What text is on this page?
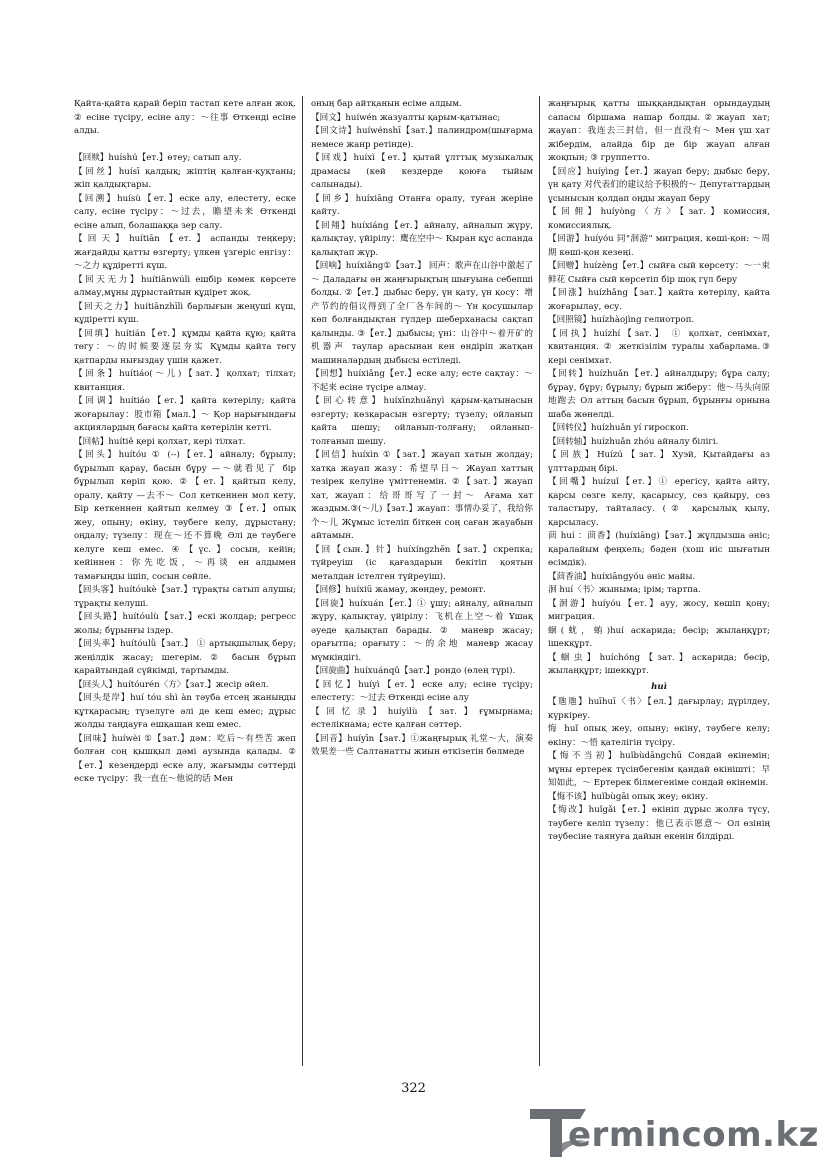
Қайта-қайта қарай беріп тастап кете алған жоқ. ② есіне түсіру, есіне алу：～往事 Өткенді есіне алды.

【回赎】huíshú【ет.】өтеу; сатып алу.

【回丝】huísī қалдық; жіптің қалған-қуқтаны; жіп қалдықтары.

【回溯】huísù【ет.】еске алу, елестету, еске салу, есіне түсіру：～过去，瞻望未来 Өткенді есіне алып, болашаққа зер салу.

【回天】huítiān【ет.】аспанды теңкеру; жағдайды қатты өзгерту; үлкен үзгеріс енгізу：～之力 құдіретті күш.

【回天无力】huítiānwúlì ешбір көмек көрсете алмау,мұны дұрыстайтын құдірет жоқ.

【回天之力】huítiānzhīlì барлығын жеңуші күш, құдіретті күш.

【回填】huítián【ет.】құмды қайта құю; қайта төгу：～的时候要逐层夯实 Құмды қайта төгу қатпарды нығыздау үшін қажет.

【回条】huítiáo(～儿)【зат.】қолхат; тілхат; квитанция.

【回调】huítiáo【ет.】қайта көтерілу; қайта жоғарылау：股市箱【мал.】～ Қор нарығындағы акциялардың бағасы қайта көтерілін кетті.

【回帖】huítiě қері қолхат, кері тілхат.

【回头】huítóu ① (--)【ет.】айналу; бұрылу; бұрылып қарау, басын бұру —～就看见了 бір бұрылып көріп қою. ②【ет.】қайтып келу, оралу, қайту —去不～ Сол кеткеннен мол кету, Бір кеткеннен қайтып келмеу ③【ет.】опық жеу, опыну; өкіну, тәубеге келу, дұрыстану; оңдалу; түзелу：现在～还不算晚 Әлі де тәубеге келуге кеш емес. ④【үс.】сосын, кейін; кейіннен：你先吃饭，～再谈 ен алдымен тамағыңды ішіп, сосын сөйле.

【回头客】huítóukè【зат.】тұрақты сатып алушы; тұрақты келуші.

【回头路】huítóulù【зат.】ескі жолдар; регресс жолы; бұрынғы іздер.

【回头率】huítóulǜ【зат.】 ① артықшылық беру; жеңілдік жасау; шегерім. ② басын бұрып қарайтындай сүйкімді, тартымды.

【回头人】huítóurén〈方〉【зат.】жесір әйел.

【回头是岸】huí tóu shì àn тәуба етсең жаныңды құтқарасың; түзелуге әлі де кеш емес; дұрыс жолды таңдауға ешқашан кеш емес.

【回味】huíwèi ①【зат.】дәм：吃后～有些苦 жеп болған соң қышқыл дәмі аузында қалады. ②【ет.】кезеңдерді еске алу, жағымды сәттерді еске түсіру：我一直在～他说的话 Мен

оның бар айтқанын есіме алдым.

【回文】huíwén жазуалты қарым-қатынас;

【回文诗】huíwénshī【зат.】палиндром(шығарма немесе жанр ретінде).

【回戏】huíxì【ет.】қытай ұлттық музыкалық драмасы (кей кездерде қоюға тыйым салынады).

【回乡】huíxiāng Отанға оралу, туған жеріне қайту.

【回翔】huíxiáng【ет.】айналу, айналып жүру, қалықтау, үйірілу：鹰在空中～ Қыран құс аспанда қалықтап жүр.

【回响】huíxiǎng①【зат.】 回声：歌声在山谷中激起了～ Даладағы ән жаңғырықтың шығуына себепші болды. ②【ет.】дыбыс беру, үн қату, үн қосу：增产节约的倡议得到了全厂各车间的～ Үн қосушылар көп болғандықтан гүлдер шеберханасы сақтап қалынды. ③【ет.】дыбысы; үні：山谷中～着开矿的机器声 таулар арасынан кен өндіріп жатқан машиналардың дыбысы естіледі.

【回想】huíxiǎng【ет.】еске алу; есте сақтау：～不起来 есіне түсіре алмау.

【回心转意】huíxīnzhuǎnyì қарым-қатынасын өзгерту; көзқарасын өзгерту; түзелу; ойланып қайта шешу; ойланып-толғану; ойланып-толғанып шешу.

【回信】huíxìn ①【зат.】жауап хатын жолдау; хатқа жауап жазу：希望早日～ Жауап хаттың тезірек келуіне үміттенемін. ②【зат.】жауап хат, жауап：给哥哥写了一封～ Ағама хат жаздым.③(～儿)【зат.】жауап：事情办妥了，我给你个～儿 Жұмыс істеліп біткен соң саған жауабын айтамын.

【回【сын.】针】huíxíngzhēn【зат.】скрепка; түйреуіш (іс қағаздарын бекітіп қоятын металдан істелген түйреуіш).

【回修】huíxiū жамау, жөндеу, ремонт.

【回旋】huíxuán【ет.】① ұшу; айналу, айналып жүру, қалықтау, үйірілу：飞机在上空～着 Ұшақ әуеде қалықтап барады. ② маневр жасау; орағытпа; орағыту：～的余地 маневр жасау мүмкіндігі.

【回旋曲】huíxuánqǔ【зат.】рондо (өлең түрі).

【回忆】huíyì【ет.】еске алу; есіне түсіру; елестету：～过去 Өткенді есіне алу

【回忆录】huíyìlù【зат.】ғұмырнама; естелікнама; есте қалған сәттер.

【回音】huíyīn【зат.】①жаңғырық 礼堂～大，演奏效果差一些 Салтанатты жиын өткізетін бөлмеде

жаңғырық қатты шыққандықтан орындаудың сапасы біршама нашар болды.②жауап хат; жауап：我连去三封信，但一直没有～ Мен үш хат жібердім, алайда бір де бір жауап алған жоқпын; ③ группетто.

【回应】huíyìng【ет.】жауап беру; дыбыс беру, үн қату 对代表们的建议给予积极的～ Депутаттардың ұсынысын қолдап оңды жауап беру

【回佣】huíyòng〈方〉【зат.】комиссия, комиссиялық.

【回游】huíyóu 同"洄游" миграция, көші-қон: ～周期 көші-қон кезеңі.

【回赠】huízèng【ет.】сыйға сый көрсету：～一束鲜花 Сыйға сый көрсетіп бір шоқ гүл беру

【回涨】huízhǎng【зат.】қайта көтерілу, қайта жоғарылау, өсу.

【回照镜】huízhàojìng гелиотроп.

【回执】huízhí【зат.】 ① қолхат, сенімхат, квитанция. ② жеткізілім туралы хабарлама.③ кері сенімхат.

【回转】huízhuǎn【ет.】айналдыру; бұра салу; бұрау, бұру; бұрылу; бұрып жіберу：他～马头向原地跑去 Ол аттың басын бұрып, бұрынғы орнына шаба жөнелді.

【回转仪】huízhuǎn yí гироскоп.

【回转轴】huízhuǎn zhóu айналу білігі.

【回族】Huízú【зат.】Хуэй, Қытайдағы аз ұлттардың бірі.

【回嘴】huízuǐ【ет.】① ерегісу, қайта айту, қарсы сөзге келу, қасарысу, сөз қайыру, сөз таластыру, тайталасу. (② қарсылық қылу, қарсыласу.

茴 huí ：茴香】(huíxiāng)【зат.】жұлдызша әніс; қаралайым феңхель; бәден (хош иіс шығатын өсімдік).

【茴香油】huíxiāngyóu әніс майы.

洄 huí〈书〉жыныма; ірім; тартпа.

【洄游】huíyóu【ет.】ауу, жосу, көшіп қону; миграция.

蛔(蚘，蛕)huí аскарида; бөсір; жылаңқұрт; ішекқұрт.

【蛔虫】huíchóng【зат.】аскарида; бөсір, жылаңқұрт; ішекқұрт.

huì

【虺虺】huīhuī〈书〉【ел.】дағырлау; дүрілдеу, күркіреу.

悔 huǐ опық жеу, опыну; өкіну, тәубеге келу; өкіну：～悟 қателігін түсіру.

【悔不当初】huǐbùdāngchū Сондай өкінемін; мұны ертерек түсінбегенім қандай өкінішті：早知如此，～ Ертерек білмегеніме сондай өкінемін.

【悔不该】huǐbùgāi опық жеу; өкіну.

【悔改】huǐgǎi【ет.】өкініп дұрыс жолға түсу, тәубеге келіп түзелу：他已表示愿意～ Ол өзінің тәубесіне таянуға дайын екенін білдірді.

322
ermincom.kz
